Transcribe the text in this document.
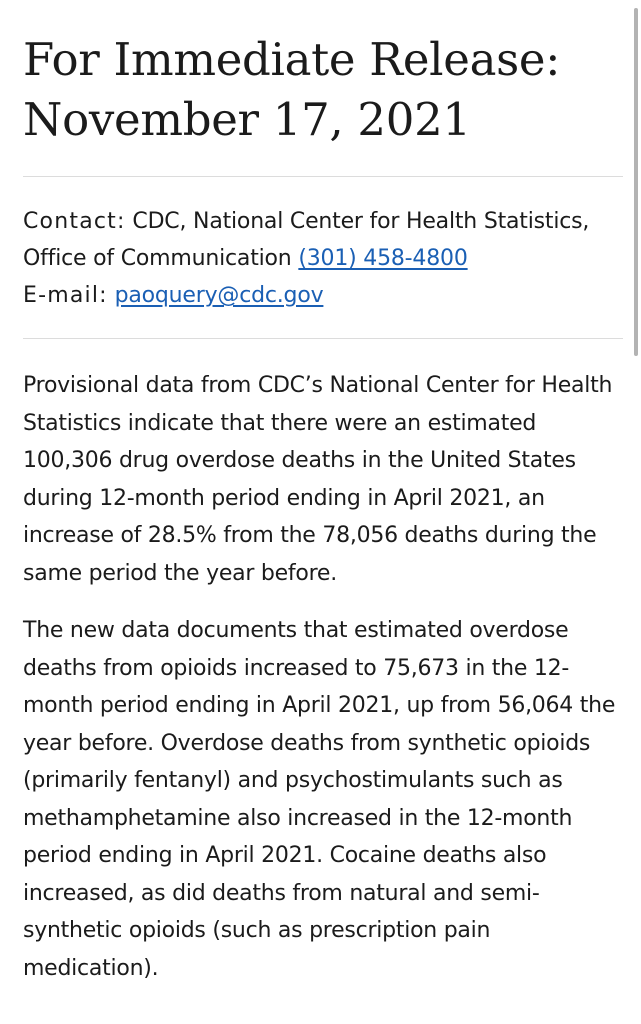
For Immediate Release:
November 17, 2021
Contact: CDC, National Center for Health Statistics, Office of Communication (301) 458-4800
E-mail: paoquery@cdc.gov

Provisional data from CDC’s National Center for Health Statistics indicate that there were an estimated 100,306 drug overdose deaths in the United States during 12-month period ending in April 2021, an increase of 28.5% from the 78,056 deaths during the same period the year before.

The new data documents that estimated overdose deaths from opioids increased to 75,673 in the 12-month period ending in April 2021, up from 56,064 the year before. Overdose deaths from synthetic opioids (primarily fentanyl) and psychostimulants such as methamphetamine also increased in the 12-month period ending in April 2021. Cocaine deaths also increased, as did deaths from natural and semi-synthetic opioids (such as prescription pain medication).
